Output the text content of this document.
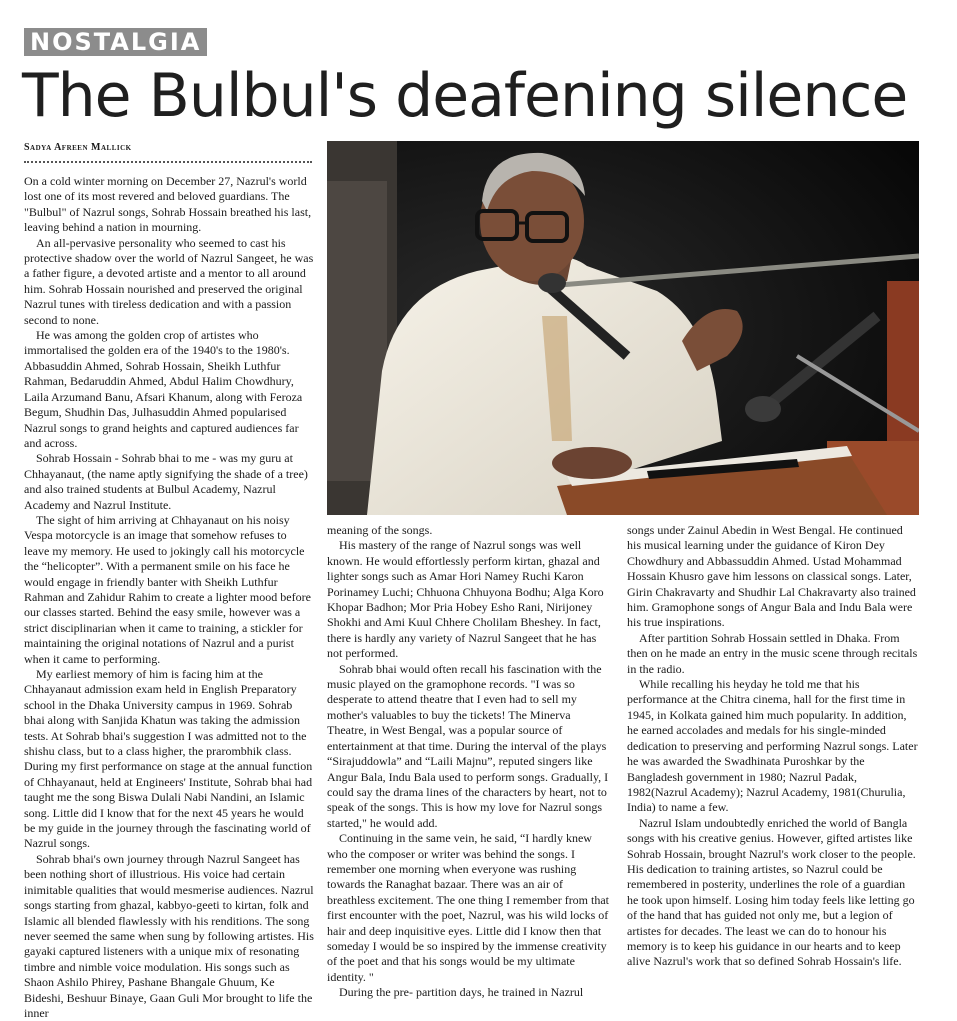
NOSTALGIA
The Bulbul's deafening silence
Sadya Afreen Mallick

On a cold winter morning on December 27, Nazrul's world lost one of its most revered and beloved guardians. The "Bulbul" of Nazrul songs, Sohrab Hossain breathed his last, leaving behind a nation in mourning.

An all-pervasive personality who seemed to cast his protective shadow over the world of Nazrul Sangeet, he was a father figure, a devoted artiste and a mentor to all around him. Sohrab Hossain nourished and preserved the original Nazrul tunes with tireless dedication and with a passion second to none.

He was among the golden crop of artistes who immortalised the golden era of the 1940's to the 1980's. Abbasuddin Ahmed, Sohrab Hossain, Sheikh Luthfur Rahman, Bedaruddin Ahmed, Abdul Halim Chowdhury, Laila Arzumand Banu, Afsari Khanum, along with Feroza Begum, Shudhin Das, Julhasuddin Ahmed popularised Nazrul songs to grand heights and captured audiences far and across.

Sohrab Hossain - Sohrab bhai to me - was my guru at Chhayanaut, (the name aptly signifying the shade of a tree) and also trained students at Bulbul Academy, Nazrul Academy and Nazrul Institute.

The sight of him arriving at Chhayanaut on his noisy Vespa motorcycle is an image that somehow refuses to leave my memory. He used to jokingly call his motorcycle the “helicopter”. With a permanent smile on his face he would engage in friendly banter with Sheikh Luthfur Rahman and Zahidur Rahim to create a lighter mood before our classes started. Behind the easy smile, however was a strict disciplinarian when it came to training, a stickler for maintaining the original notations of Nazrul and a purist when it came to performing.

My earliest memory of him is facing him at the Chhayanaut admission exam held in English Preparatory school in the Dhaka University campus in 1969. Sohrab bhai along with Sanjida Khatun was taking the admission tests. At Sohrab bhai's suggestion I was admitted not to the shishu class, but to a class higher, the prarombhik class. During my first performance on stage at the annual function of Chhayanaut, held at Engineers' Institute, Sohrab bhai had taught me the song Biswa Dulali Nabi Nandini, an Islamic song. Little did I know that for the next 45 years he would be my guide in the journey through the fascinating world of Nazrul songs.

Sohrab bhai's own journey through Nazrul Sangeet has been nothing short of illustrious. His voice had certain inimitable qualities that would mesmerise audiences. Nazrul songs starting from ghazal, kabbyo-geeti to kirtan, folk and Islamic all blended flawlessly with his renditions. The song never seemed the same when sung by following artistes. His gayaki captured listeners with a unique mix of resonating timbre and nimble voice modulation. His songs such as Shaon Ashilo Phirey, Pashane Bhangale Ghuum, Ke Bideshi, Beshuur Binaye, Gaan Guli Mor brought to life the inner

meaning of the songs.

His mastery of the range of Nazrul songs was well known. He would effortlessly perform kirtan, ghazal and lighter songs such as Amar Hori Namey Ruchi Karon Porinamey Luchi; Chhuona Chhuyona Bodhu; Alga Koro Khopar Badhon; Mor Pria Hobey Esho Rani, Nirijoney Shokhi and Ami Kuul Chhere Cholilam Bheshey. In fact, there is hardly any variety of Nazrul Sangeet that he has not performed.

Sohrab bhai would often recall his fascination with the music played on the gramophone records. "I was so desperate to attend theatre that I even had to sell my mother's valuables to buy the tickets! The Minerva Theatre, in West Bengal, was a popular source of entertainment at that time. During the interval of the plays “Sirajuddowla” and “Laili Majnu”, reputed singers like Angur Bala, Indu Bala used to perform songs. Gradually, I could say the drama lines of the characters by heart, not to speak of the songs. This is how my love for Nazrul songs started," he would add.

Continuing in the same vein, he said, “I hardly knew who the composer or writer was behind the songs. I remember one morning when everyone was rushing towards the Ranaghat bazaar. There was an air of breathless excitement. The one thing I remember from that first encounter with the poet, Nazrul, was his wild locks of hair and deep inquisitive eyes. Little did I know then that someday I would be so inspired by the immense creativity of the poet and that his songs would be my ultimate identity. "

During the pre- partition days, he trained in Nazrul

songs under Zainul Abedin in West Bengal. He continued his musical learning under the guidance of Kiron Dey Chowdhury and Abbassuddin Ahmed. Ustad Mohammad Hossain Khusro gave him lessons on classical songs. Later, Girin Chakravarty and Shudhir Lal Chakravarty also trained him. Gramophone songs of Angur Bala and Indu Bala were his true inspirations.

After partition Sohrab Hossain settled in Dhaka. From then on he made an entry in the music scene through recitals in the radio.

While recalling his heyday he told me that his performance at the Chitra cinema, hall for the first time in 1945, in Kolkata gained him much popularity. In addition, he earned accolades and medals for his single-minded dedication to preserving and performing Nazrul songs. Later he was awarded the Swadhinata Puroshkar by the Bangladesh government in 1980; Nazrul Padak, 1982(Nazrul Academy); Nazrul Academy, 1981(Churulia, India) to name a few.

Nazrul Islam undoubtedly enriched the world of Bangla songs with his creative genius. However, gifted artistes like Sohrab Hossain, brought Nazrul's work closer to the people. His dedication to training artistes, so Nazrul could be remembered in posterity, underlines the role of a guardian he took upon himself. Losing him today feels like letting go of the hand that has guided not only me, but a legion of artistes for decades. The least we can do to honour his memory is to keep his guidance in our hearts and to keep alive Nazrul's work that so defined Sohrab Hossain's life.
